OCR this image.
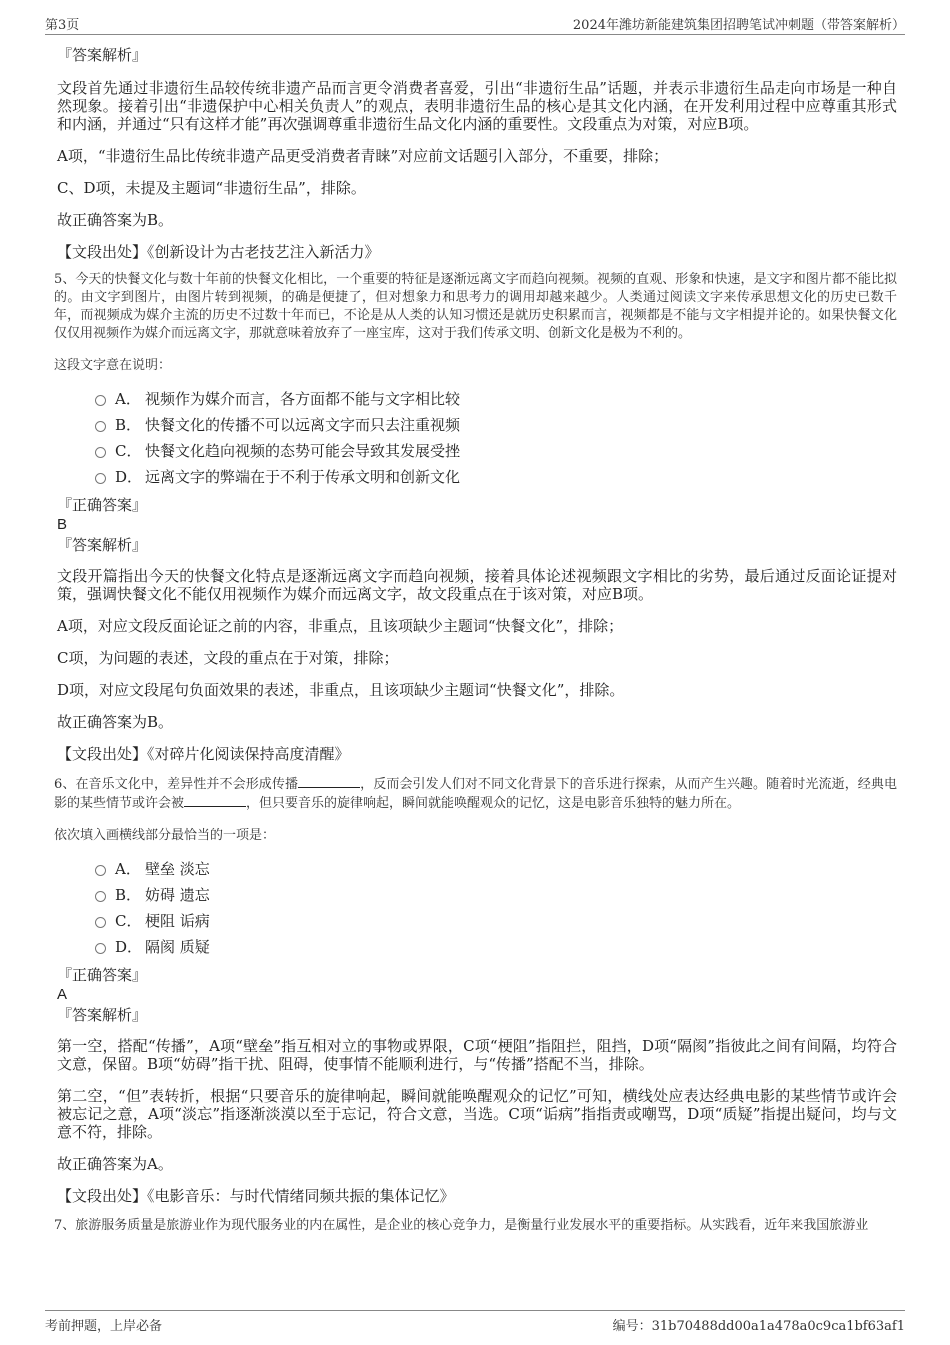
第3页	2024年潍坊新能建筑集团招聘笔试冲刺题（带答案解析）

『答案解析』

文段首先通过非遗衍生品较传统非遗产品而言更令消费者喜爱，引出“非遗衍生品”话题，并表示非遗衍生品走向市场是一种自然现象。接着引出“非遗保护中心相关负责人”的观点，表明非遗衍生品的核心是其文化内涵，在开发利用过程中应尊重其形式和内涵，并通过“只有这样才能”再次强调尊重非遗衍生品文化内涵的重要性。文段重点为对策，对应B项。

A项，“非遗衍生品比传统非遗产品更受消费者青睐”对应前文话题引入部分，不重要，排除；

C、D项，未提及主题词“非遗衍生品”，排除。

故正确答案为B。

【文段出处】《创新设计为古老技艺注入新活力》

5、今天的快餐文化与数十年前的快餐文化相比，一个重要的特征是逐渐远离文字而趋向视频。视频的直观、形象和快速，是文字和图片都不能比拟的。由文字到图片，由图片转到视频，的确是便捷了，但对想象力和思考力的调用却越来越少。人类通过阅读文字来传承思想文化的历史已数千年，而视频成为媒介主流的历史不过数十年而已，不论是从人类的认知习惯还是就历史积累而言，视频都是不能与文字相提并论的。如果快餐文化仅仅用视频作为媒介而远离文字，那就意味着放弃了一座宝库，这对于我们传承文明、创新文化是极为不利的。

这段文字意在说明：

A． 视频作为媒介而言，各方面都不能与文字相比较
B． 快餐文化的传播不可以远离文字而只去注重视频
C． 快餐文化趋向视频的态势可能会导致其发展受挫
D． 远离文字的弊端在于不利于传承文明和创新文化

『正确答案』

B

『答案解析』

文段开篇指出今天的快餐文化特点是逐渐远离文字而趋向视频，接着具体论述视频跟文字相比的劣势，最后通过反面论证提对策，强调快餐文化不能仅用视频作为媒介而远离文字，故文段重点在于该对策，对应B项。

A项，对应文段反面论证之前的内容，非重点，且该项缺少主题词“快餐文化”，排除；

C项，为问题的表述，文段的重点在于对策，排除；

D项，对应文段尾句负面效果的表述，非重点，且该项缺少主题词“快餐文化”，排除。

故正确答案为B。

【文段出处】《对碎片化阅读保持高度清醒》

6、在音乐文化中，差异性并不会形成传播	，反而会引发人们对不同文化背景下的音乐进行探索，从而产生兴趣。随着时光流逝，经典电影的某些情节或许会被	，但只要音乐的旋律响起，瞬间就能唤醒观众的记忆，这是电影音乐独特的魅力所在。

依次填入画横线部分最恰当的一项是：

A． 壁垒 淡忘
B． 妨碍 遗忘
C． 梗阻 诟病
D． 隔阂 质疑

『正确答案』

A

『答案解析』

第一空，搭配“传播”，A项“壁垒”指互相对立的事物或界限，C项“梗阻”指阻拦，阻挡，D项“隔阂”指彼此之间有间隔，均符合文意，保留。B项“妨碍”指干扰、阻碍，使事情不能顺利进行，与“传播”搭配不当，排除。

第二空，“但”表转折，根据“只要音乐的旋律响起，瞬间就能唤醒观众的记忆”可知，横线处应表达经典电影的某些情节或许会被忘记之意，A项“淡忘”指逐渐淡漠以至于忘记，符合文意，当选。C项“诟病”指指责或嘲骂，D项“质疑”指提出疑问，均与文意不符，排除。

故正确答案为A。

【文段出处】《电影音乐：与时代情绪同频共振的集体记忆》

7、旅游服务质量是旅游业作为现代服务业的内在属性，是企业的核心竞争力，是衡量行业发展水平的重要指标。从实践看，近年来我国旅游业

考前押题，上岸必备	编号：31b70488dd00a1a478a0c9ca1bf63af1
